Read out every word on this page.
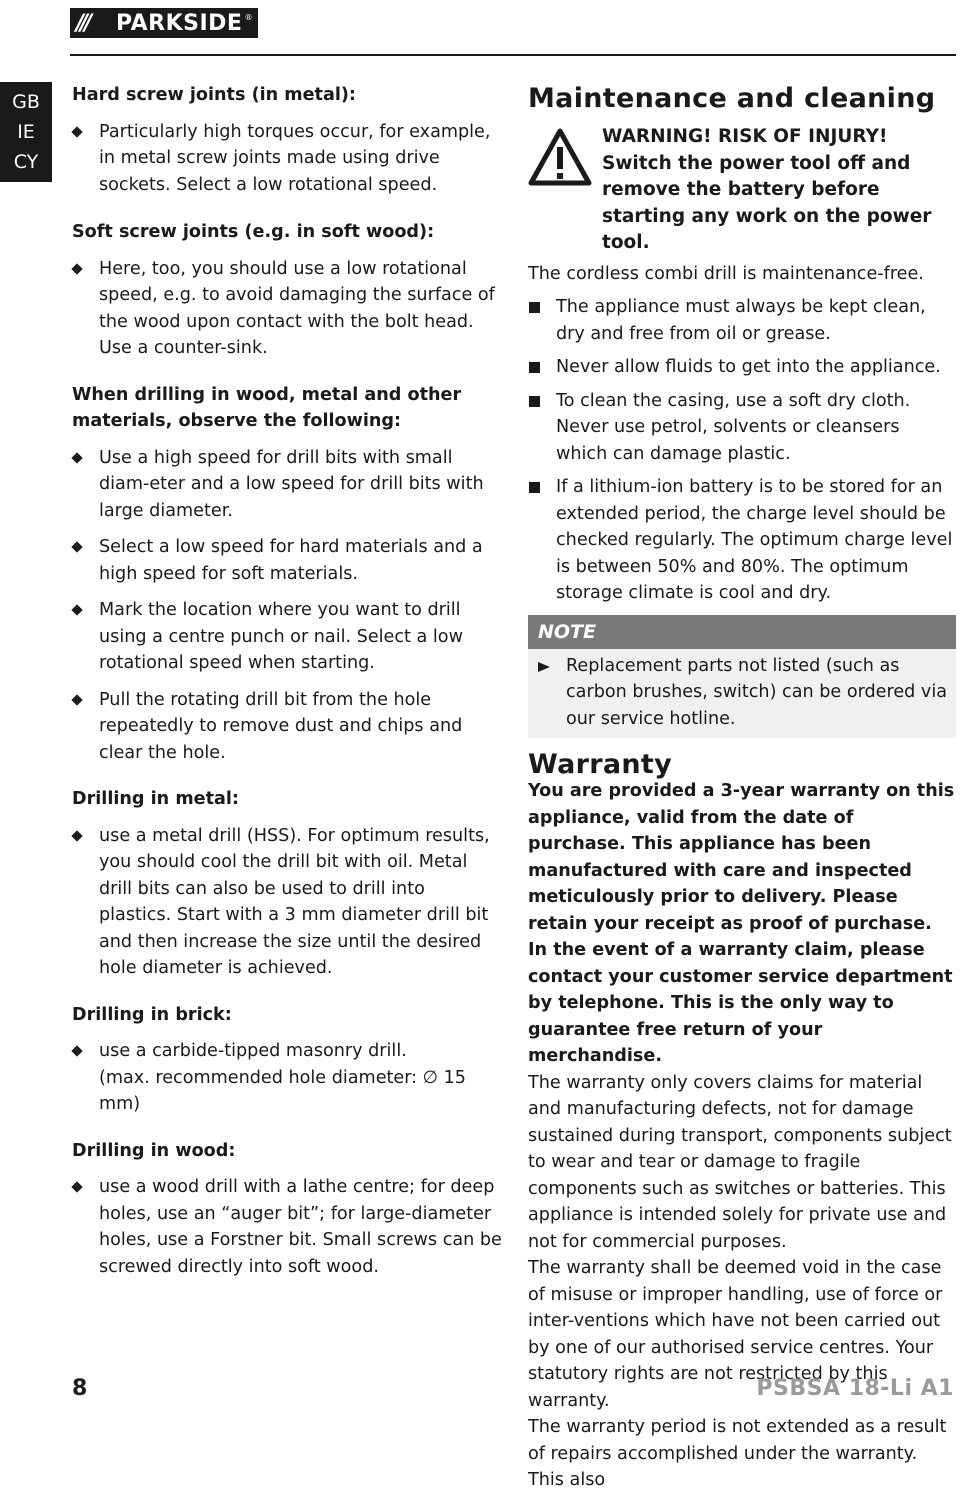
///	PARKSIDE ®
GB
IE
CY

Hard screw joints (in metal):

Particularly high torques occur, for example, in metal screw joints made using drive sockets. Select a low rotational speed.

Soft screw joints (e.g. in soft wood):

Here, too, you should use a low rotational speed, e.g. to avoid damaging the surface of the wood upon contact with the bolt head. Use a counter-sink.

When drilling in wood, metal and other materials, observe the following:

Use a high speed for drill bits with small diam-eter and a low speed for drill bits with large diameter.
Select a low speed for hard materials and a high speed for soft materials.
Mark the location where you want to drill using a centre punch or nail. Select a low rotational speed when starting.
Pull the rotating drill bit from the hole repeatedly to remove dust and chips and clear the hole.

Drilling in metal:

use a metal drill (HSS). For optimum results, you should cool the drill bit with oil. Metal drill bits can also be used to drill into plastics. Start with a 3 mm diameter drill bit and then increase the size until the desired hole diameter is achieved.

Drilling in brick:

use a carbide-tipped masonry drill.
(max. recommended hole diameter: ∅ 15 mm)

Drilling in wood:

use a wood drill with a lathe centre; for deep holes, use an “auger bit”; for large-diameter holes, use a Forstner bit. Small screws can be screwed directly into soft wood.

Maintenance and cleaning

WARNING! RISK OF INJURY! Switch the power tool off and remove the battery before starting any work on the power tool.

The cordless combi drill is maintenance-free.

The appliance must always be kept clean, dry and free from oil or grease.
Never allow fluids to get into the appliance.
To clean the casing, use a soft dry cloth. Never use petrol, solvents or cleansers which can damage plastic.
If a lithium-ion battery is to be stored for an extended period, the charge level should be checked regularly. The optimum charge level is between 50% and 80%. The optimum storage climate is cool and dry.
NOTE
Replacement parts not listed (such as carbon brushes, switch) can be ordered via our service hotline.

Warranty

You are provided a 3-year warranty on this appliance, valid from the date of purchase. This appliance has been manufactured with care and inspected meticulously prior to delivery. Please retain your receipt as proof of purchase. In the event of a warranty claim, please contact your customer service department by telephone. This is the only way to guarantee free return of your merchandise.

The warranty only covers claims for material and manufacturing defects, not for damage sustained during transport, components subject to wear and tear or damage to fragile components such as switches or batteries. This appliance is intended solely for private use and not for commercial purposes.

The warranty shall be deemed void in the case of misuse or improper handling, use of force or inter-ventions which have not been carried out by one of our authorised service centres. Your statutory rights are not restricted by this warranty.

The warranty period is not extended as a result of repairs accomplished under the warranty. This also

8	PSBSA 18-Li A1
